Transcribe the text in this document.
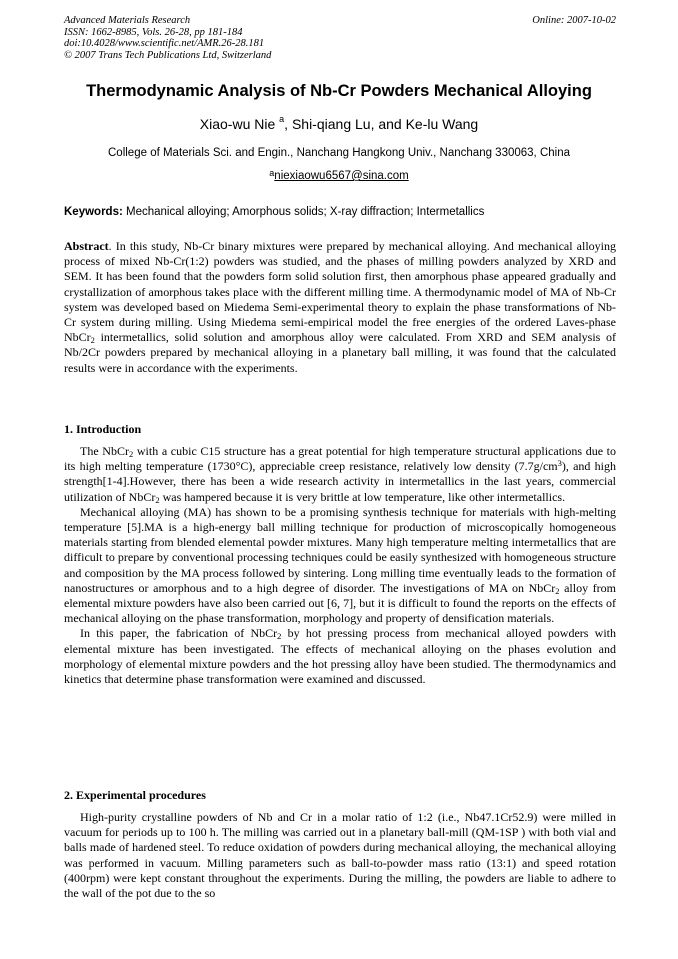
Advanced Materials Research
ISSN: 1662-8985, Vols. 26-28, pp 181-184
doi:10.4028/www.scientific.net/AMR.26-28.181
© 2007 Trans Tech Publications Ltd, Switzerland
Online: 2007-10-02
Thermodynamic Analysis of Nb-Cr Powders Mechanical Alloying
Xiao-wu Nie $^a$, Shi-qiang Lu, and Ke-lu Wang
College of Materials Sci. and Engin., Nanchang Hangkong Univ., Nanchang 330063, China
$^a$niexiaowu6567@sina.com
Keywords: Mechanical alloying; Amorphous solids; X-ray diffraction; Intermetallics

Abstract. In this study, Nb-Cr binary mixtures were prepared by mechanical alloying. And mechanical alloying process of mixed Nb-Cr(1:2) powders was studied, and the phases of milling powders analyzed by XRD and SEM. It has been found that the powders form solid solution first, then amorphous phase appeared gradually and crystallization of amorphous takes place with the different milling time. A thermodynamic model of MA of Nb-Cr system was developed based on Miedema Semi-experimental theory to explain the phase transformations of Nb-Cr system during milling. Using Miedema semi-empirical model the free energies of the ordered Laves-phase NbCr$_2$ intermetallics, solid solution and amorphous alloy were calculated. From XRD and SEM analysis of Nb/2Cr powders prepared by mechanical alloying in a planetary ball milling, it was found that the calculated results were in accordance with the experiments.

1. Introduction

The NbCr$_2$ with a cubic C15 structure has a great potential for high temperature structural applications due to its high melting temperature (1730°C), appreciable creep resistance, relatively low density $(7.7g/cm^3)$, and high strength[1-4].However, there has been a wide research activity in intermetallics in the last years, commercial utilization of NbCr$_2$ was hampered because it is very brittle at low temperature, like other intermetallics.

Mechanical alloying (MA) has shown to be a promising synthesis technique for materials with high-melting temperature [5].MA is a high-energy ball milling technique for production of microscopically homogeneous materials starting from blended elemental powder mixtures. Many high temperature melting intermetallics that are difficult to prepare by conventional processing techniques could be easily synthesized with homogeneous structure and composition by the MA process followed by sintering. Long milling time eventually leads to the formation of nanostructures or amorphous and to a high degree of disorder. The investigations of MA on NbCr$_2$ alloy from elemental mixture powders have also been carried out [6, 7], but it is difficult to found the reports on the effects of mechanical alloying on the phase transformation, morphology and property of densification materials.

In this paper, the fabrication of NbCr$_2$ by hot pressing process from mechanical alloyed powders with elemental mixture has been investigated. The effects of mechanical alloying on the phases evolution and morphology of elemental mixture powders and the hot pressing alloy have been studied. The thermodynamics and kinetics that determine phase transformation were examined and discussed.

2. Experimental procedures

High-purity crystalline powders of Nb and Cr in a molar ratio of 1:2 (i.e., Nb47.1Cr52.9) were milled in vacuum for periods up to 100 h. The milling was carried out in a planetary ball-mill (QM-1SP ) with both vial and balls made of hardened steel. To reduce oxidation of powders during mechanical alloying, the mechanical alloying was performed in vacuum. Milling parameters such as ball-to-powder mass ratio (13:1) and speed rotation (400rpm) were kept constant throughout the experiments. During the milling, the powders are liable to adhere to the wall of the pot due to the so
